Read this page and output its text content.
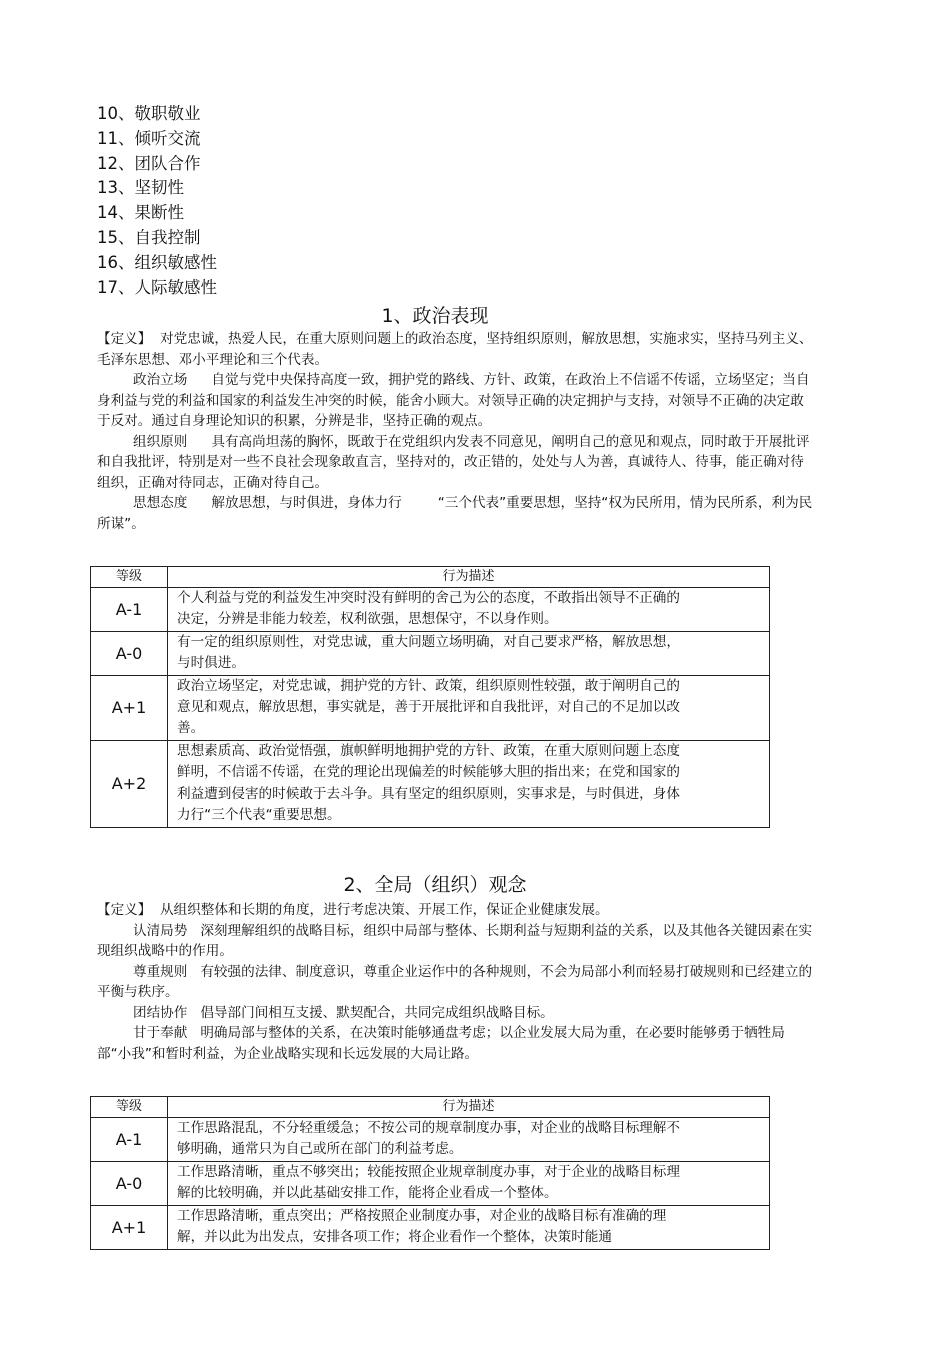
10、敬职敬业
11、倾听交流
12、团队合作
13、坚韧性
14、果断性
15、自我控制
16、组织敏感性
17、人际敏感性
1、政治表现

【定义】 对党忠诚，热爱人民，在重大原则问题上的政治态度，坚持组织原则，解放思想，实施求实，坚持马列主义、毛泽东思想、邓小平理论和三个代表。

政治立场 自觉与党中央保持高度一致，拥护党的路线、方针、政策，在政治上不信谣不传谣，立场坚定；当自身利益与党的利益和国家的利益发生冲突的时候，能舍小顾大。对领导正确的决定拥护与支持，对领导不正确的决定敢于反对。通过自身理论知识的积累，分辨是非，坚持正确的观点。

组织原则 具有高尚坦荡的胸怀，既敢于在党组织内发表不同意见，阐明自己的意见和观点，同时敢于开展批评和自我批评，特别是对一些不良社会现象敢直言，坚持对的，改正错的，处处与人为善，真诚待人、待事，能正确对待组织，正确对待同志，正确对待自己。

思想态度 解放思想，与时俱进，身体力行	“三个代表”重要思想，坚持“权为民所用，情为民所系，利为民所谋”。

等级	行为描述
A-1	个人利益与党的利益发生冲突时没有鲜明的舍己为公的态度，不敢指出领导不正确的决定，分辨是非能力较差，权利欲强，思想保守，不以身作则。

A-0	有一定的组织原则性，对党忠诚，重大问题立场明确，对自己要求严格，解放思想，与时俱进。

A+1	政治立场坚定，对党忠诚，拥护党的方针、政策，组织原则性较强，敢于阐明自己的意见和观点，解放思想，事实就是，善于开展批评和自我批评，对自己的不足加以改善。

A+2	思想素质高、政治觉悟强，旗帜鲜明地拥护党的方针、政策，在重大原则问题上态度鲜明，不信谣不传谣，在党的理论出现偏差的时候能够大胆的指出来；在党和国家的利益遭到侵害的时候敢于去斗争。具有坚定的组织原则，实事求是，与时俱进，身体力行“三个代表“重要思想。
2、全局（组织）观念

【定义】 从组织整体和长期的角度，进行考虑决策、开展工作，保证企业健康发展。

认清局势 深刻理解组织的战略目标，组织中局部与整体、长期利益与短期利益的关系，以及其他各关键因素在实现组织战略中的作用。

尊重规则 有较强的法律、制度意识，尊重企业运作中的各种规则，不会为局部小利而轻易打破规则和已经建立的平衡与秩序。

团结协作 倡导部门间相互支援、默契配合，共同完成组织战略目标。

甘于奉献 明确局部与整体的关系，在决策时能够通盘考虑；以企业发展大局为重，在必要时能够勇于牺牲局部“小我”和暂时利益，为企业战略实现和长远发展的大局让路。

等级	行为描述
A-1	工作思路混乱，不分轻重缓急；不按公司的规章制度办事，对企业的战略目标理解不够明确，通常只为自己或所在部门的利益考虑。

A-0	工作思路清晰，重点不够突出；较能按照企业规章制度办事，对于企业的战略目标理解的比较明确，并以此基础安排工作，能将企业看成一个整体。

A+1	工作思路清晰，重点突出；严格按照企业制度办事，对企业的战略目标有准确的理解，并以此为出发点，安排各项工作；将企业看作一个整体，决策时能通
